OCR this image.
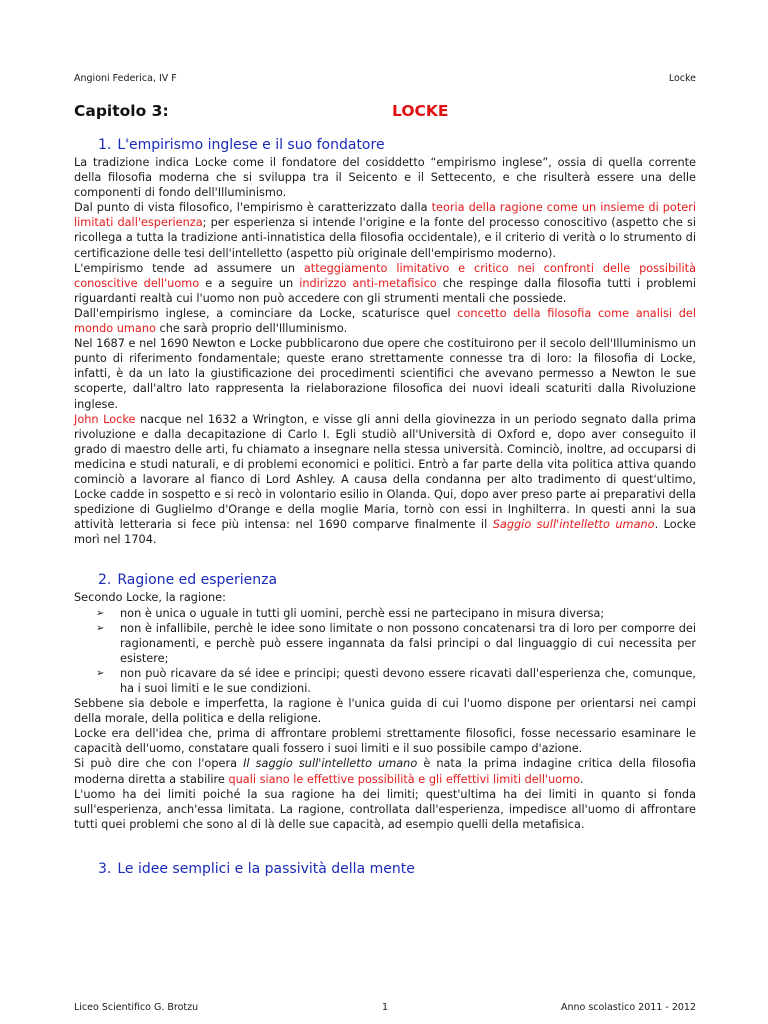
Angioni Federica, IV F	Locke
Capitolo 3:	LOCKE
1. L'empirismo inglese e il suo fondatore

La tradizione indica Locke come il fondatore del cosiddetto “empirismo inglese”, ossia di quella corrente della filosofia moderna che si sviluppa tra il Seicento e il Settecento, e che risulterà essere una delle componenti di fondo dell'Illuminismo.

Dal punto di vista filosofico, l'empirismo è caratterizzato dalla teoria della ragione come un insieme di poteri limitati dall'esperienza; per esperienza si intende l'origine e la fonte del processo conoscitivo (aspetto che si ricollega a tutta la tradizione anti-innatistica della filosofia occidentale), e il criterio di verità o lo strumento di certificazione delle tesi dell'intelletto (aspetto più originale dell'empirismo moderno).

L'empirismo tende ad assumere un atteggiamento limitativo e critico nei confronti delle possibilità conoscitive dell'uomo e a seguire un indirizzo anti-metafisico che respinge dalla filosofia tutti i problemi riguardanti realtà cui l'uomo non può accedere con gli strumenti mentali che possiede.

Dall'empirismo inglese, a cominciare da Locke, scaturisce quel concetto della filosofia come analisi del mondo umano che sarà proprio dell'Illuminismo.

Nel 1687 e nel 1690 Newton e Locke pubblicarono due opere che costituirono per il secolo dell'Illuminismo un punto di riferimento fondamentale; queste erano strettamente connesse tra di loro: la filosofia di Locke, infatti, è da un lato la giustificazione dei procedimenti scientifici che avevano permesso a Newton le sue scoperte, dall'altro lato rappresenta la rielaborazione filosofica dei nuovi ideali scaturiti dalla Rivoluzione inglese.

John Locke nacque nel 1632 a Wrington, e visse gli anni della giovinezza in un periodo segnato dalla prima rivoluzione e dalla decapitazione di Carlo I. Egli studiò all'Università di Oxford e, dopo aver conseguito il grado di maestro delle arti, fu chiamato a insegnare nella stessa università. Cominciò, inoltre, ad occuparsi di medicina e studi naturali, e di problemi economici e politici. Entrò a far parte della vita politica attiva quando cominciò a lavorare al fianco di Lord Ashley. A causa della condanna per alto tradimento di quest'ultimo, Locke cadde in sospetto e si recò in volontario esilio in Olanda. Qui, dopo aver preso parte ai preparativi della spedizione di Guglielmo d'Orange e della moglie Maria, tornò con essi in Inghilterra. In questi anni la sua attività letteraria si fece più intensa: nel 1690 comparve finalmente il Saggio sull'intelletto umano. Locke morì nel 1704.

2. Ragione ed esperienza

Secondo Locke, la ragione:

➢ non è unica o uguale in tutti gli uomini, perchè essi ne partecipano in misura diversa;
➢ non è infallibile, perchè le idee sono limitate o non possono concatenarsi tra di loro per comporre dei ragionamenti, e perchè può essere ingannata da falsi principi o dal linguaggio di cui necessita per esistere;
➢ non può ricavare da sé idee e principi; questi devono essere ricavati dall'esperienza che, comunque, ha i suoi limiti e le sue condizioni.

Sebbene sia debole e imperfetta, la ragione è l'unica guida di cui l'uomo dispone per orientarsi nei campi della morale, della politica e della religione.

Locke era dell'idea che, prima di affrontare problemi strettamente filosofici, fosse necessario esaminare le capacità dell'uomo, constatare quali fossero i suoi limiti e il suo possibile campo d'azione.

Si può dire che con l'opera Il saggio sull'intelletto umano è nata la prima indagine critica della filosofia moderna diretta a stabilire quali siano le effettive possibilità e gli effettivi limiti dell'uomo.

L'uomo ha dei limiti poiché la sua ragione ha dei limiti; quest'ultima ha dei limiti in quanto si fonda sull'esperienza, anch'essa limitata. La ragione, controllata dall'esperienza, impedisce all'uomo di affrontare tutti quei problemi che sono al di là delle sue capacità, ad esempio quelli della metafisica.

3. Le idee semplici e la passività della mente
Liceo Scientifico G. Brotzu	1	Anno scolastico 2011 - 2012
